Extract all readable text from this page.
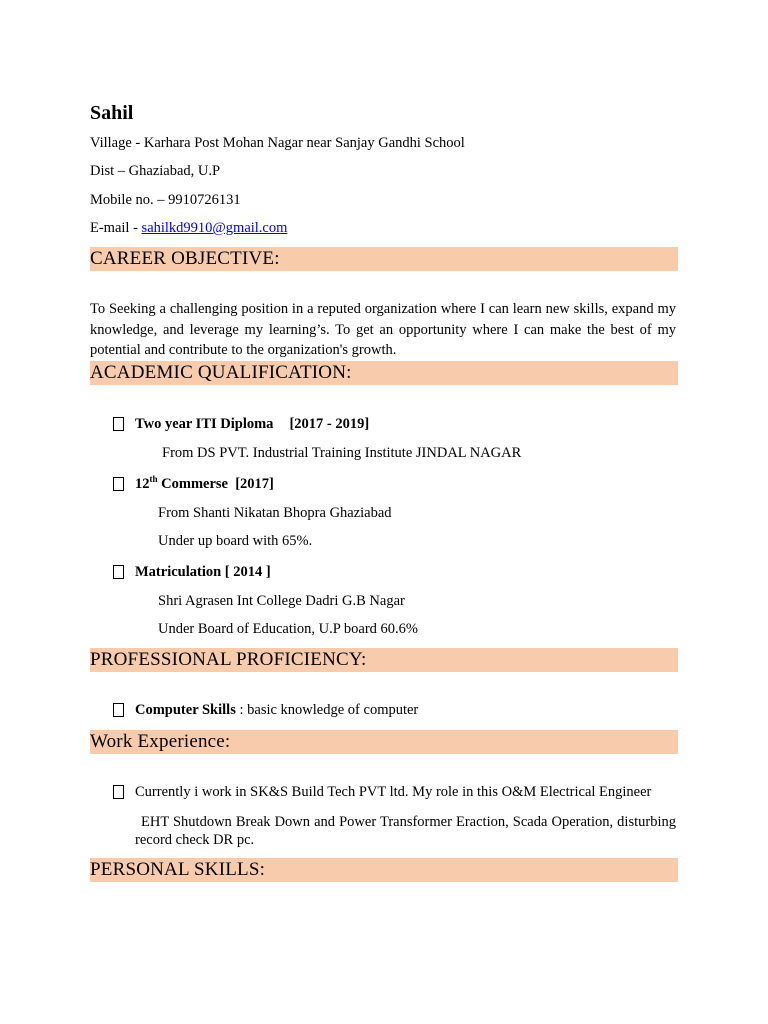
Sahil
Village - Karhara Post Mohan Nagar near Sanjay Gandhi School
Dist – Ghaziabad, U.P
Mobile no. – 9910726131
E-mail - sahilkd9910@gmail.com
CAREER OBJECTIVE:
To Seeking a challenging position in a reputed organization where I can learn new skills, expand my knowledge, and leverage my learning’s. To get an opportunity where I can make the best of my potential and contribute to the organization's growth.
ACADEMIC QUALIFICATION:
Two year ITI Diploma [2017 - 2019]
From DS PVT. Industrial Training Institute JINDAL NAGAR
12th Commerse  [2017]
From Shanti Nikatan Bhopra Ghaziabad
Under up board with 65%.
Matriculation [ 2014 ]
Shri Agrasen Int College Dadri G.B Nagar
Under Board of Education, U.P board 60.6%
PROFESSIONAL PROFICIENCY:
Computer Skills : basic knowledge of computer
Work Experience:
Currently i work in SK&S Build Tech PVT ltd. My role in this O&M Electrical Engineer
EHT Shutdown Break Down and Power Transformer Eraction, Scada Operation, disturbing record check DR pc.
PERSONAL SKILLS:
